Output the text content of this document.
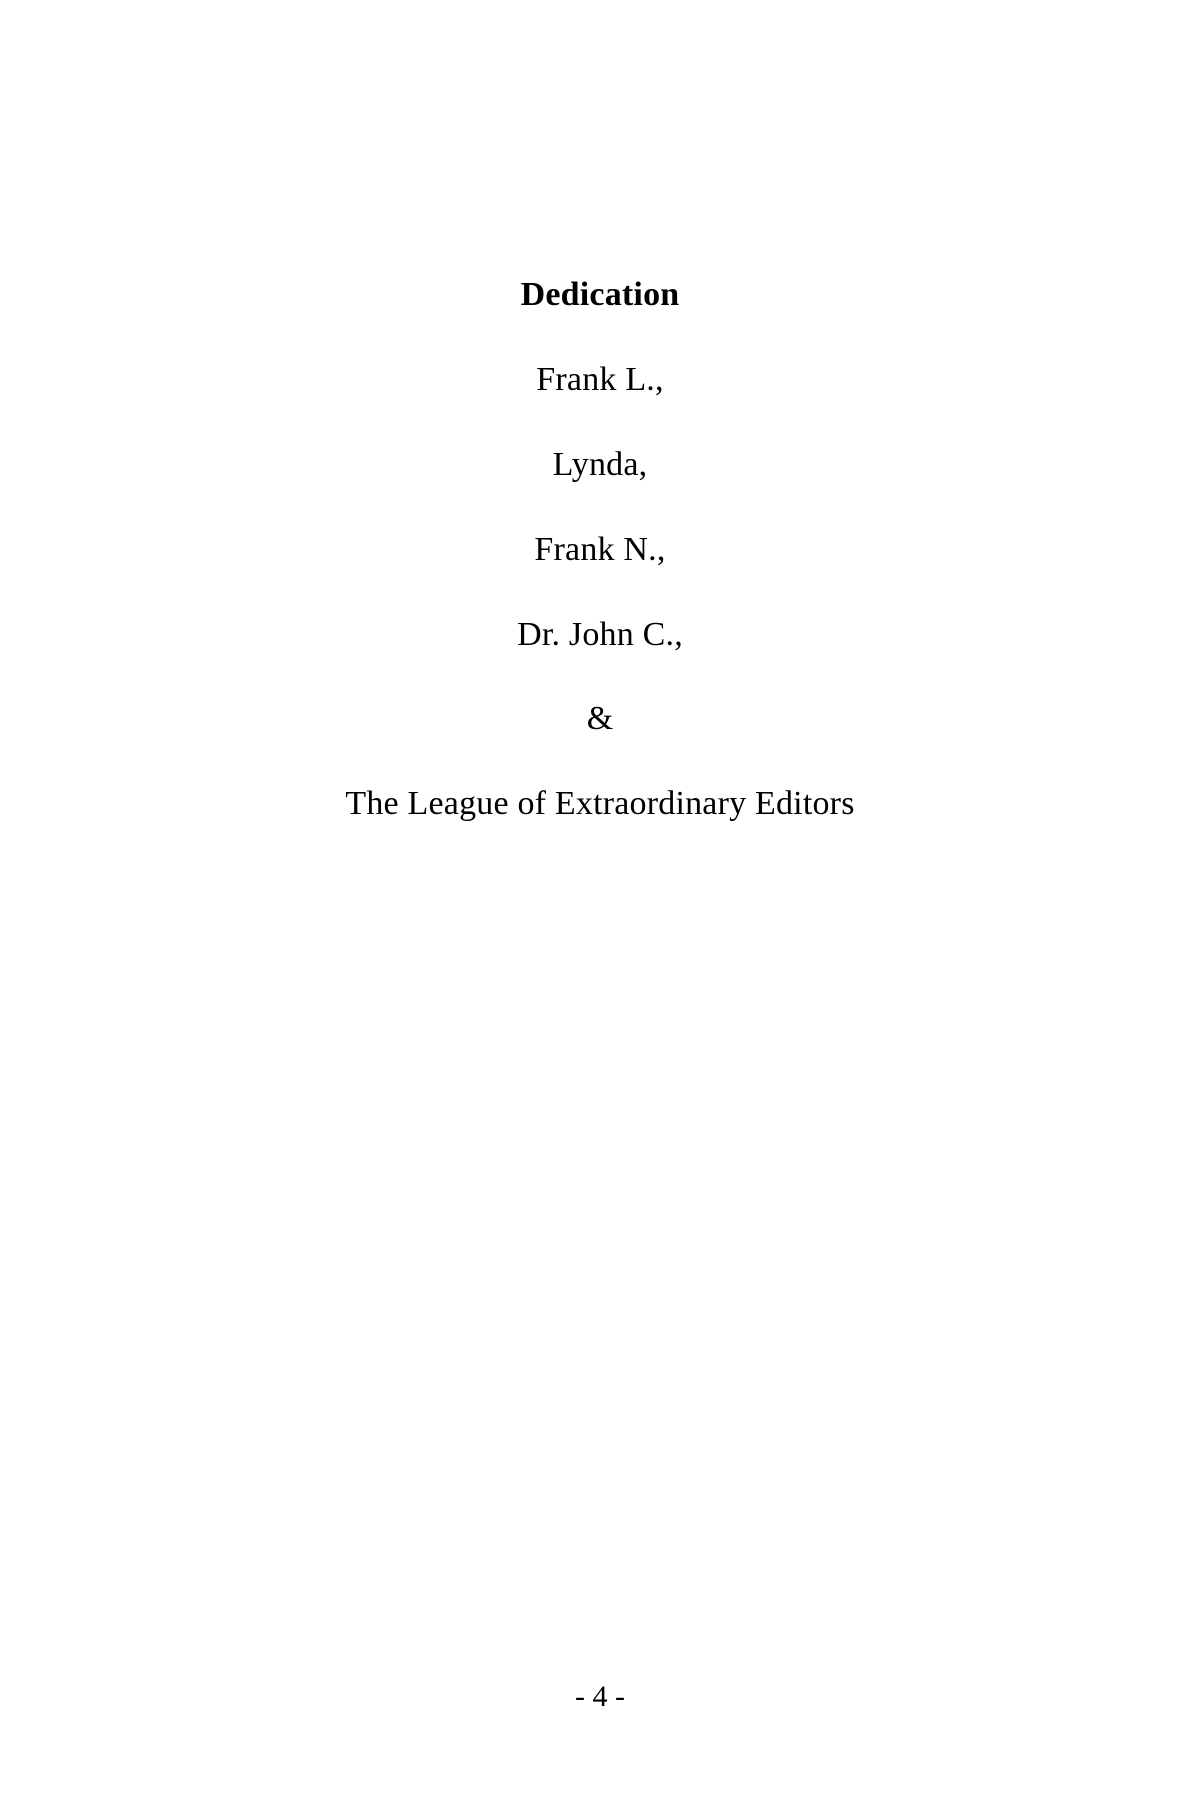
Dedication

Frank L.,

Lynda,

Frank N.,

Dr. John C.,

&

The League of Extraordinary Editors

- 4 -
